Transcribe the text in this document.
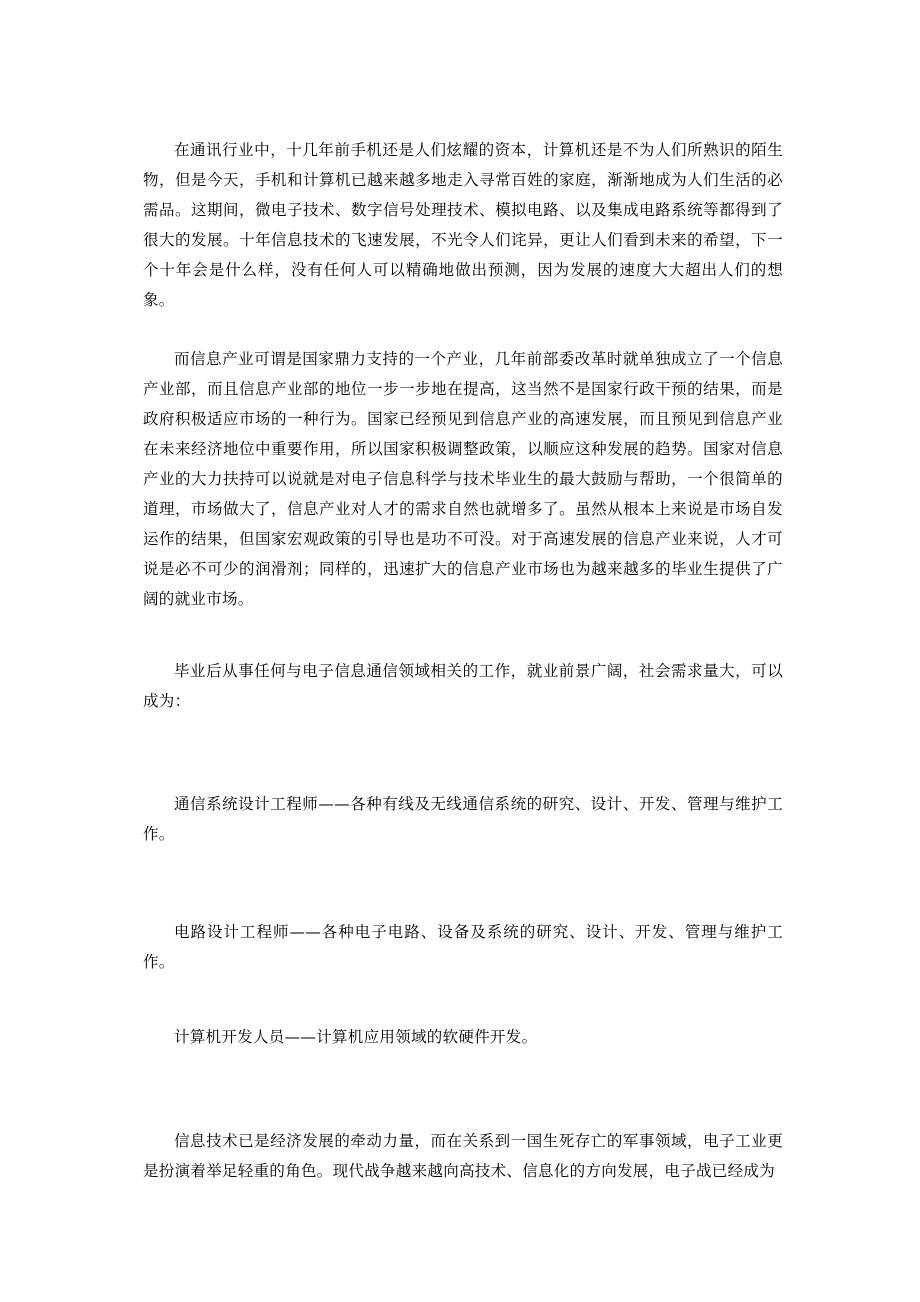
在通讯行业中，十几年前手机还是人们炫耀的资本，计算机还是不为人们所熟识的陌生物，但是今天，手机和计算机已越来越多地走入寻常百姓的家庭，渐渐地成为人们生活的必需品。这期间，微电子技术、数字信号处理技术、模拟电路、以及集成电路系统等都得到了很大的发展。十年信息技术的飞速发展，不光令人们诧异，更让人们看到未来的希望，下一个十年会是什么样，没有任何人可以精确地做出预测，因为发展的速度大大超出人们的想象。

而信息产业可谓是国家鼎力支持的一个产业，几年前部委改革时就单独成立了一个信息产业部，而且信息产业部的地位一步一步地在提高，这当然不是国家行政干预的结果，而是政府积极适应市场的一种行为。国家已经预见到信息产业的高速发展，而且预见到信息产业在未来经济地位中重要作用，所以国家积极调整政策，以顺应这种发展的趋势。国家对信息产业的大力扶持可以说就是对电子信息科学与技术毕业生的最大鼓励与帮助，一个很简单的道理，市场做大了，信息产业对人才的需求自然也就增多了。虽然从根本上来说是市场自发运作的结果，但国家宏观政策的引导也是功不可没。对于高速发展的信息产业来说，人才可说是必不可少的润滑剂；同样的，迅速扩大的信息产业市场也为越来越多的毕业生提供了广阔的就业市场。

毕业后从事任何与电子信息通信领域相关的工作，就业前景广阔，社会需求量大，可以成为：

通信系统设计工程师——各种有线及无线通信系统的研究、设计、开发、管理与维护工作。

电路设计工程师——各种电子电路、设备及系统的研究、设计、开发、管理与维护工作。

计算机开发人员——计算机应用领域的软硬件开发。

信息技术已是经济发展的牵动力量，而在关系到一国生死存亡的军事领域，电子工业更是扮演着举足轻重的角色。现代战争越来越向高技术、信息化的方向发展，电子战已经成为
